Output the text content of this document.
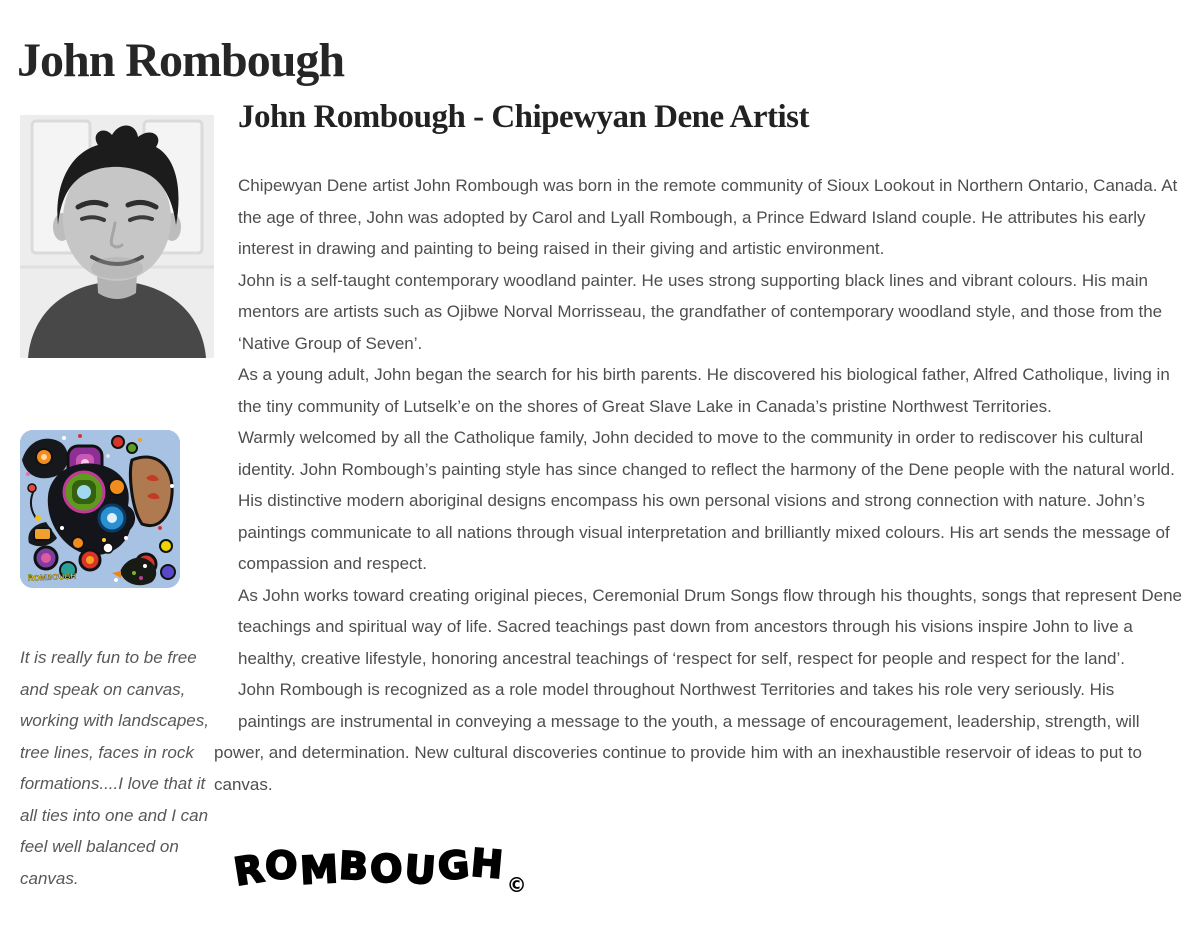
John Rombough
ROMBOUGH
It is really fun to be free and speak on canvas, working with landscapes, tree lines, faces in rock formations....I love that it all ties into one and I can feel well balanced on canvas.
John Rombough - Chipewyan Dene Artist

Chipewyan Dene artist John Rombough was born in the remote community of Sioux Lookout in Northern Ontario, Canada. At the age of three, John was adopted by Carol and Lyall Rombough, a Prince Edward Island couple. He attributes his early interest in drawing and painting to being raised in their giving and artistic environment.

John is a self-taught contemporary woodland painter. He uses strong supporting black lines and vibrant colours. His main mentors are artists such as Ojibwe Norval Morrisseau, the grandfather of contemporary woodland style, and those from the ‘Native Group of Seven’.

As a young adult, John began the search for his birth parents. He discovered his biological father, Alfred Catholique, living in the tiny community of Lutselk’e on the shores of Great Slave Lake in Canada’s pristine Northwest Territories.

Warmly welcomed by all the Catholique family, John decided to move to the community in order to rediscover his cultural identity. John Rombough’s painting style has since changed to reflect the harmony of the Dene people with the natural world. His distinctive modern aboriginal designs encompass his own personal visions and strong connection with nature. John’s paintings communicate to all nations through visual interpretation and brilliantly mixed colours. His art sends the message of compassion and respect.

As John works toward creating original pieces, Ceremonial Drum Songs flow through his thoughts, songs that represent Dene teachings and spiritual way of life. Sacred teachings past down from ancestors through his visions inspire John to live a healthy, creative lifestyle, honoring ancestral teachings of ‘respect for self, respect for people and respect for the land’.

John Rombough is recognized as a role model throughout Northwest Territories and takes his role very seriously. His paintings are instrumental in conveying a message to the youth, a message of encouragement, leadership, strength, will power, and determination. New cultural discoveries continue to provide him with an inexhaustible reservoir of ideas to put to canvas.

ROMBOUGH©
